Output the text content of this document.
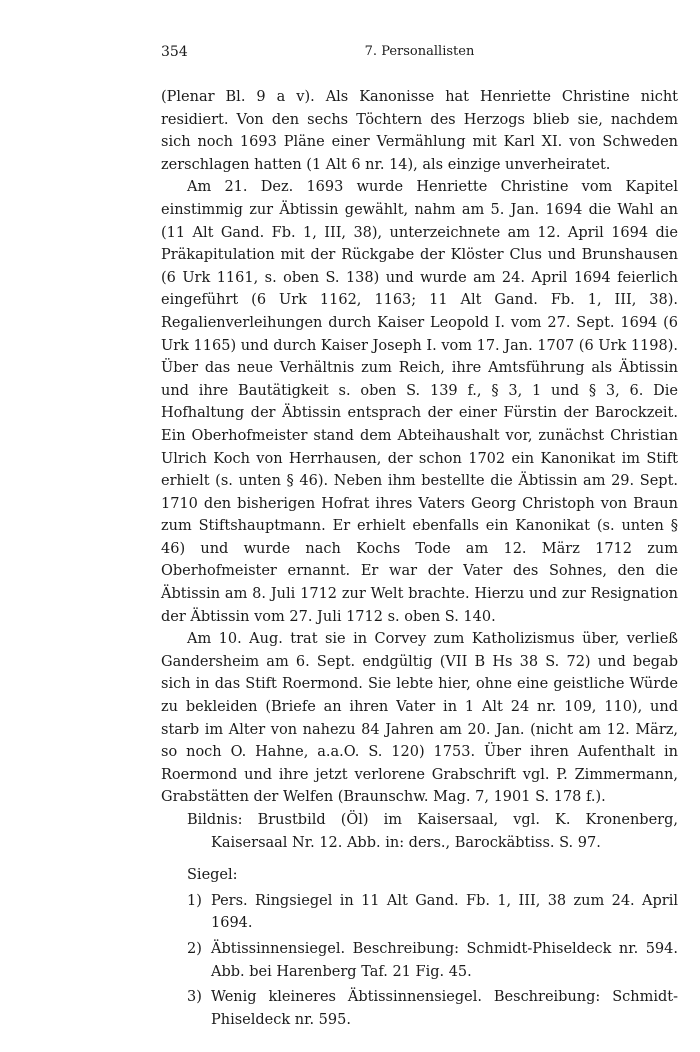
354	7. Personallisten

(Plenar Bl. 9 a v). Als Kanonisse hat Henriette Christine nicht residiert. Von den sechs Töchtern des Herzogs blieb sie, nachdem sich noch 1693 Pläne einer Vermählung mit Karl XI. von Schweden zerschlagen hatten (1 Alt 6 nr. 14), als einzige unverheiratet.

Am 21. Dez. 1693 wurde Henriette Christine vom Kapitel einstimmig zur Äbtissin gewählt, nahm am 5. Jan. 1694 die Wahl an (11 Alt Gand. Fb. 1, III, 38), unterzeichnete am 12. April 1694 die Präkapitulation mit der Rückgabe der Klöster Clus und Brunshausen (6 Urk 1161, s. oben S. 138) und wurde am 24. April 1694 feierlich eingeführt (6 Urk 1162, 1163; 11 Alt Gand. Fb. 1, III, 38). Regalienverleihungen durch Kaiser Leopold I. vom 27. Sept. 1694 (6 Urk 1165) und durch Kaiser Joseph I. vom 17. Jan. 1707 (6 Urk 1198). Über das neue Verhältnis zum Reich, ihre Amtsführung als Äbtissin und ihre Bautätigkeit s. oben S. 139 f., § 3, 1 und § 3, 6. Die Hofhaltung der Äbtissin entsprach der einer Fürstin der Barockzeit. Ein Oberhofmeister stand dem Abteihaushalt vor, zunächst Christian Ulrich Koch von Herrhausen, der schon 1702 ein Kanonikat im Stift erhielt (s. unten § 46). Neben ihm bestellte die Äbtissin am 29. Sept. 1710 den bisherigen Hofrat ihres Vaters Georg Christoph von Braun zum Stiftshauptmann. Er erhielt ebenfalls ein Kanonikat (s. unten § 46) und wurde nach Kochs Tode am 12. März 1712 zum Oberhofmeister ernannt. Er war der Vater des Sohnes, den die Äbtissin am 8. Juli 1712 zur Welt brachte. Hierzu und zur Resignation der Äbtissin vom 27. Juli 1712 s. oben S. 140.

Am 10. Aug. trat sie in Corvey zum Katholizismus über, verließ Gandersheim am 6. Sept. endgültig (VII B Hs 38 S. 72) und begab sich in das Stift Roermond. Sie lebte hier, ohne eine geistliche Würde zu bekleiden (Briefe an ihren Vater in 1 Alt 24 nr. 109, 110), und starb im Alter von nahezu 84 Jahren am 20. Jan. (nicht am 12. März, so noch O. Hahne, a.a.O. S. 120) 1753. Über ihren Aufenthalt in Roermond und ihre jetzt verlorene Grabschrift vgl. P. Zimmermann, Grabstätten der Welfen (Braunschw. Mag. 7, 1901 S. 178 f.).

Bildnis: Brustbild (Öl) im Kaisersaal, vgl. K. Kronenberg, Kaisersaal Nr. 12. Abb. in: ders., Barockäbtiss. S. 97.

Siegel:
1) Pers. Ringsiegel in 11 Alt Gand. Fb. 1, III, 38 zum 24. April 1694.
2) Äbtissinnensiegel. Beschreibung: Schmidt-Phiseldeck nr. 594. Abb. bei Harenberg Taf. 21 Fig. 45.
3) Wenig kleineres Äbtissinnensiegel. Beschreibung: Schmidt-Phiseldeck nr. 595.
